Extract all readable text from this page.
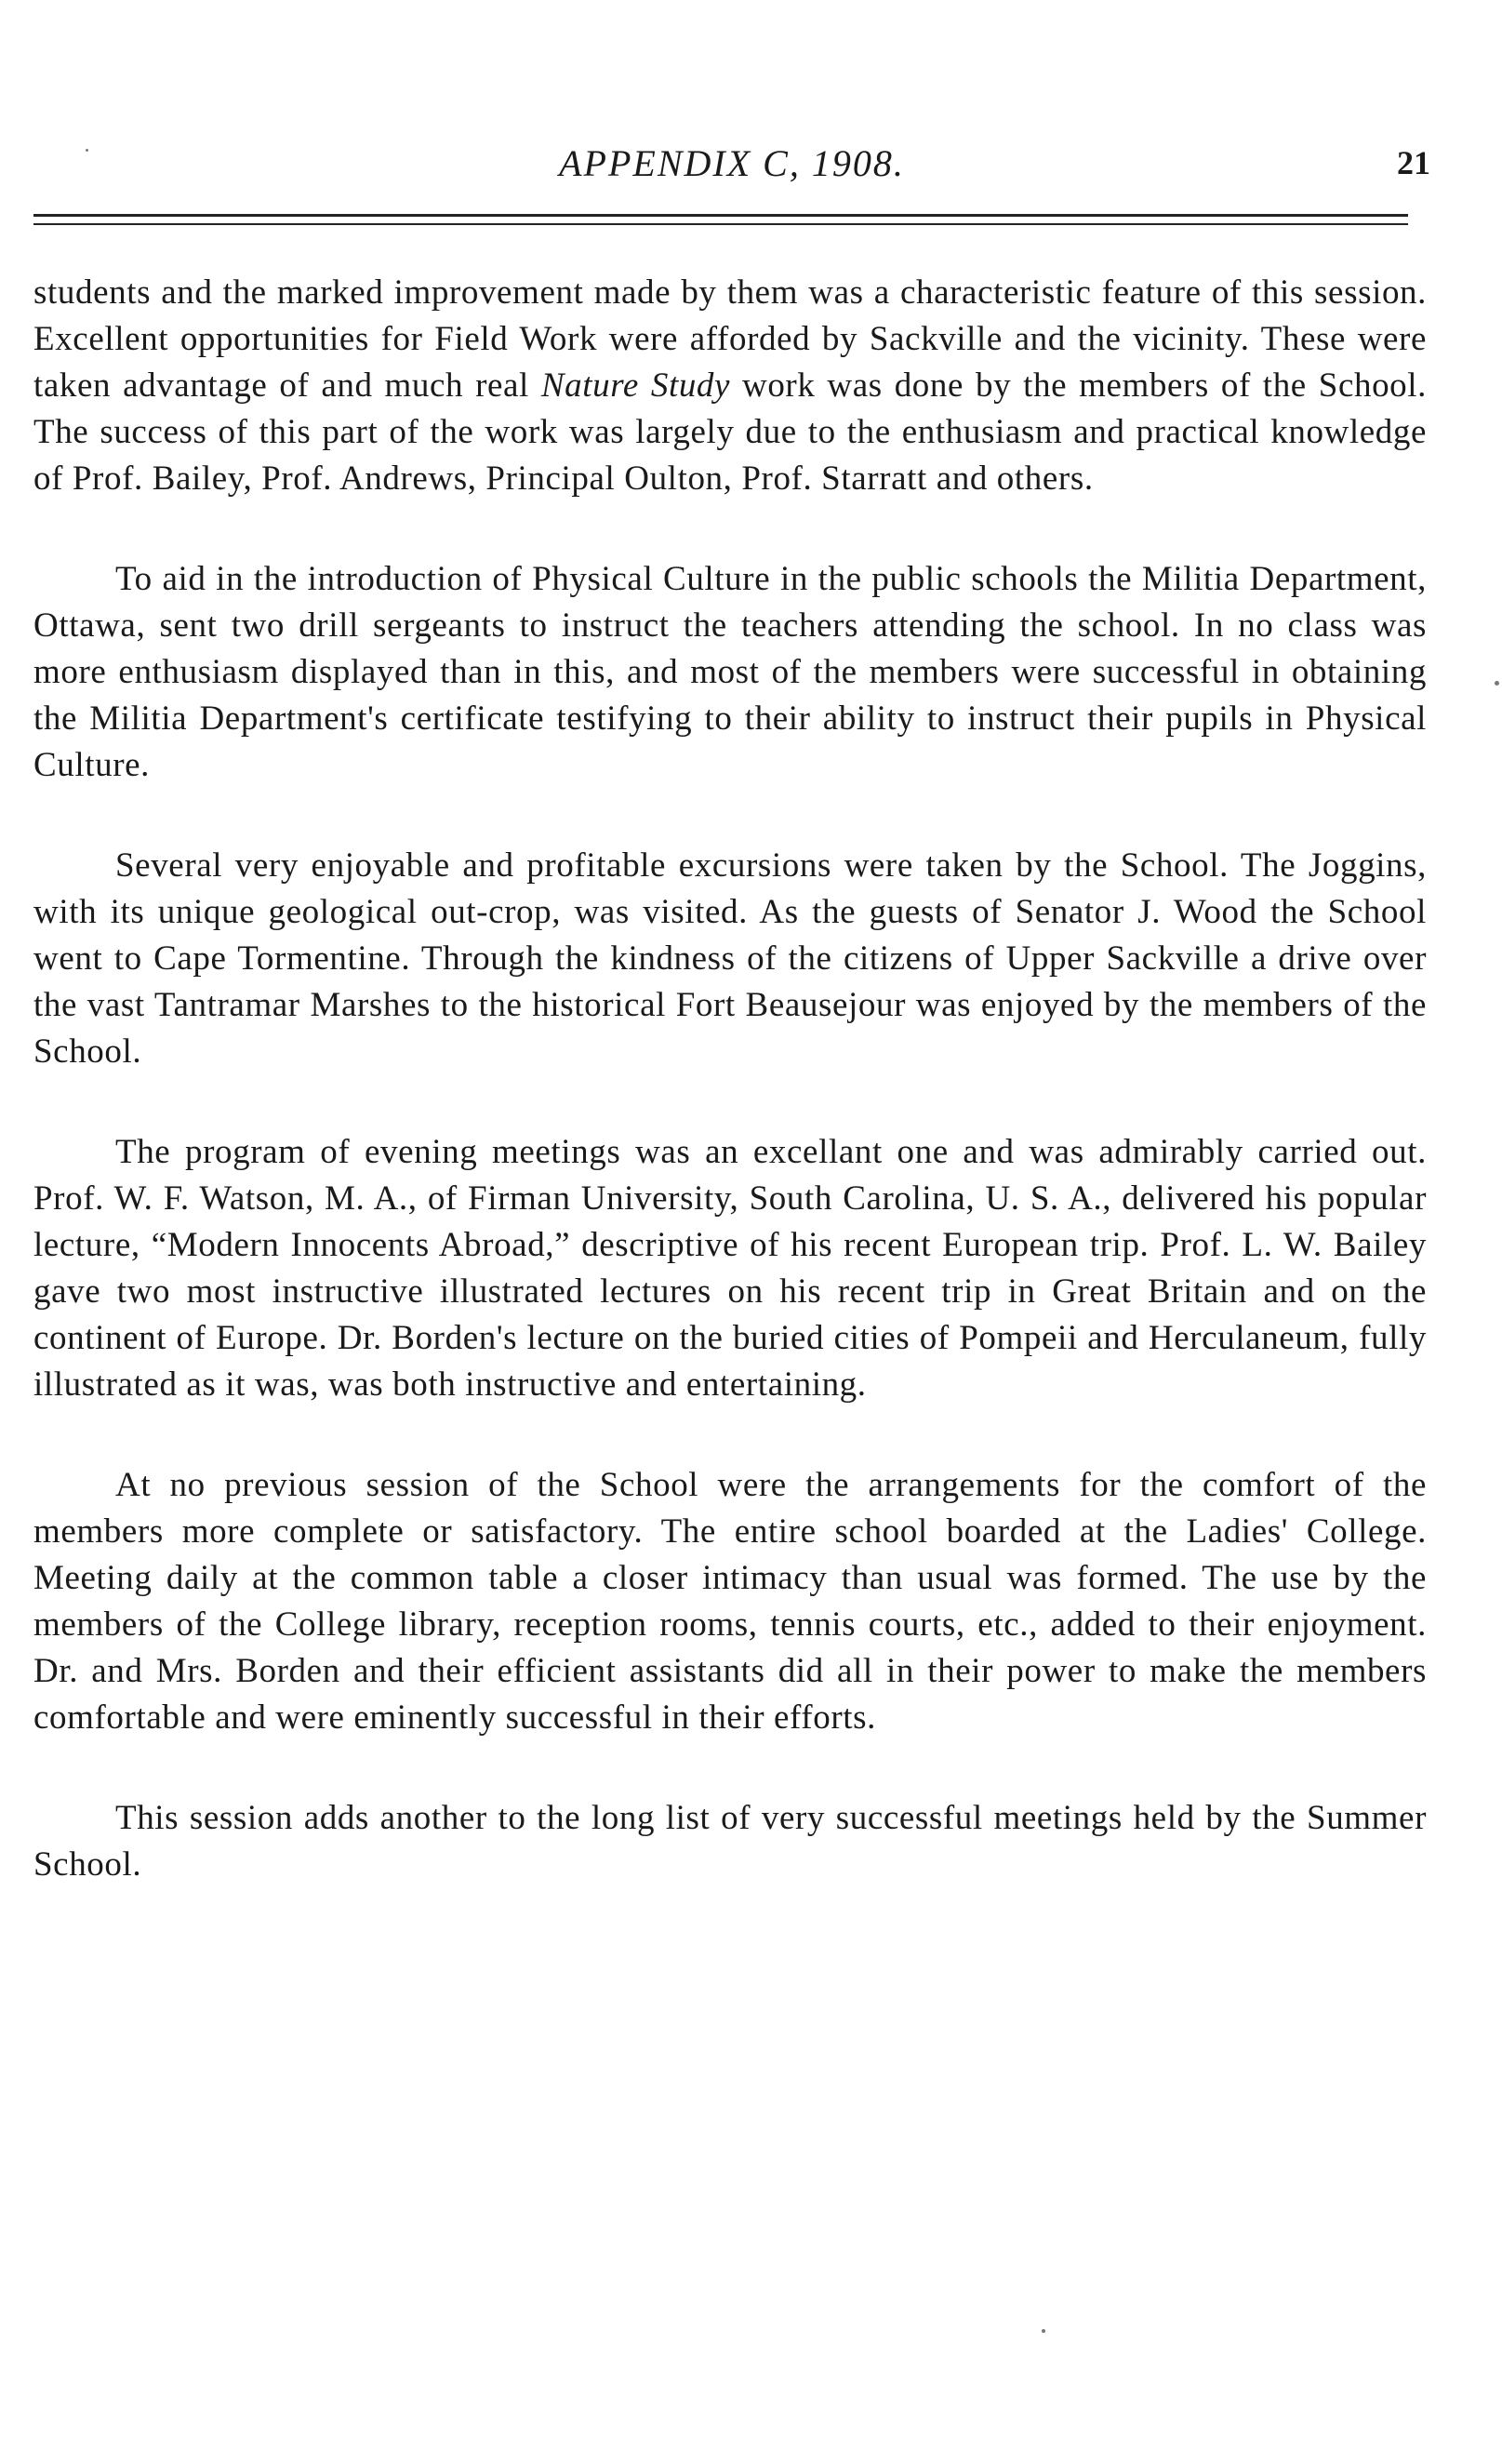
APPENDIX C, 1908.	21

students and the marked improvement made by them was a characteristic feature of this session. Excellent opportunities for Field Work were afforded by Sackville and the vicinity. These were taken advantage of and much real Nature Study work was done by the members of the School. The success of this part of the work was largely due to the enthusiasm and practical knowledge of Prof. Bailey, Prof. Andrews, Principal Oulton, Prof. Starratt and others.

To aid in the introduction of Physical Culture in the public schools the Militia Department, Ottawa, sent two drill sergeants to instruct the teachers attending the school. In no class was more enthusiasm displayed than in this, and most of the members were successful in obtaining the Militia Department's certificate testifying to their ability to instruct their pupils in Physical Culture.

Several very enjoyable and profitable excursions were taken by the School. The Joggins, with its unique geological out-crop, was visited. As the guests of Senator J. Wood the School went to Cape Tormentine. Through the kindness of the citizens of Upper Sackville a drive over the vast Tantramar Marshes to the historical Fort Beausejour was enjoyed by the members of the School.

The program of evening meetings was an excellant one and was admirably carried out. Prof. W. F. Watson, M. A., of Firman University, South Carolina, U. S. A., delivered his popular lecture, “Modern Innocents Abroad,” descriptive of his recent European trip. Prof. L. W. Bailey gave two most instructive illustrated lectures on his recent trip in Great Britain and on the continent of Europe. Dr. Borden's lecture on the buried cities of Pompeii and Herculaneum, fully illustrated as it was, was both instructive and entertaining.

At no previous session of the School were the arrangements for the comfort of the members more complete or satisfactory. The entire school boarded at the Ladies' College. Meeting daily at the common table a closer intimacy than usual was formed. The use by the members of the College library, reception rooms, tennis courts, etc., added to their enjoyment. Dr. and Mrs. Borden and their efficient assistants did all in their power to make the members comfortable and were eminently successful in their efforts.

This session adds another to the long list of very successful meetings held by the Summer School.
